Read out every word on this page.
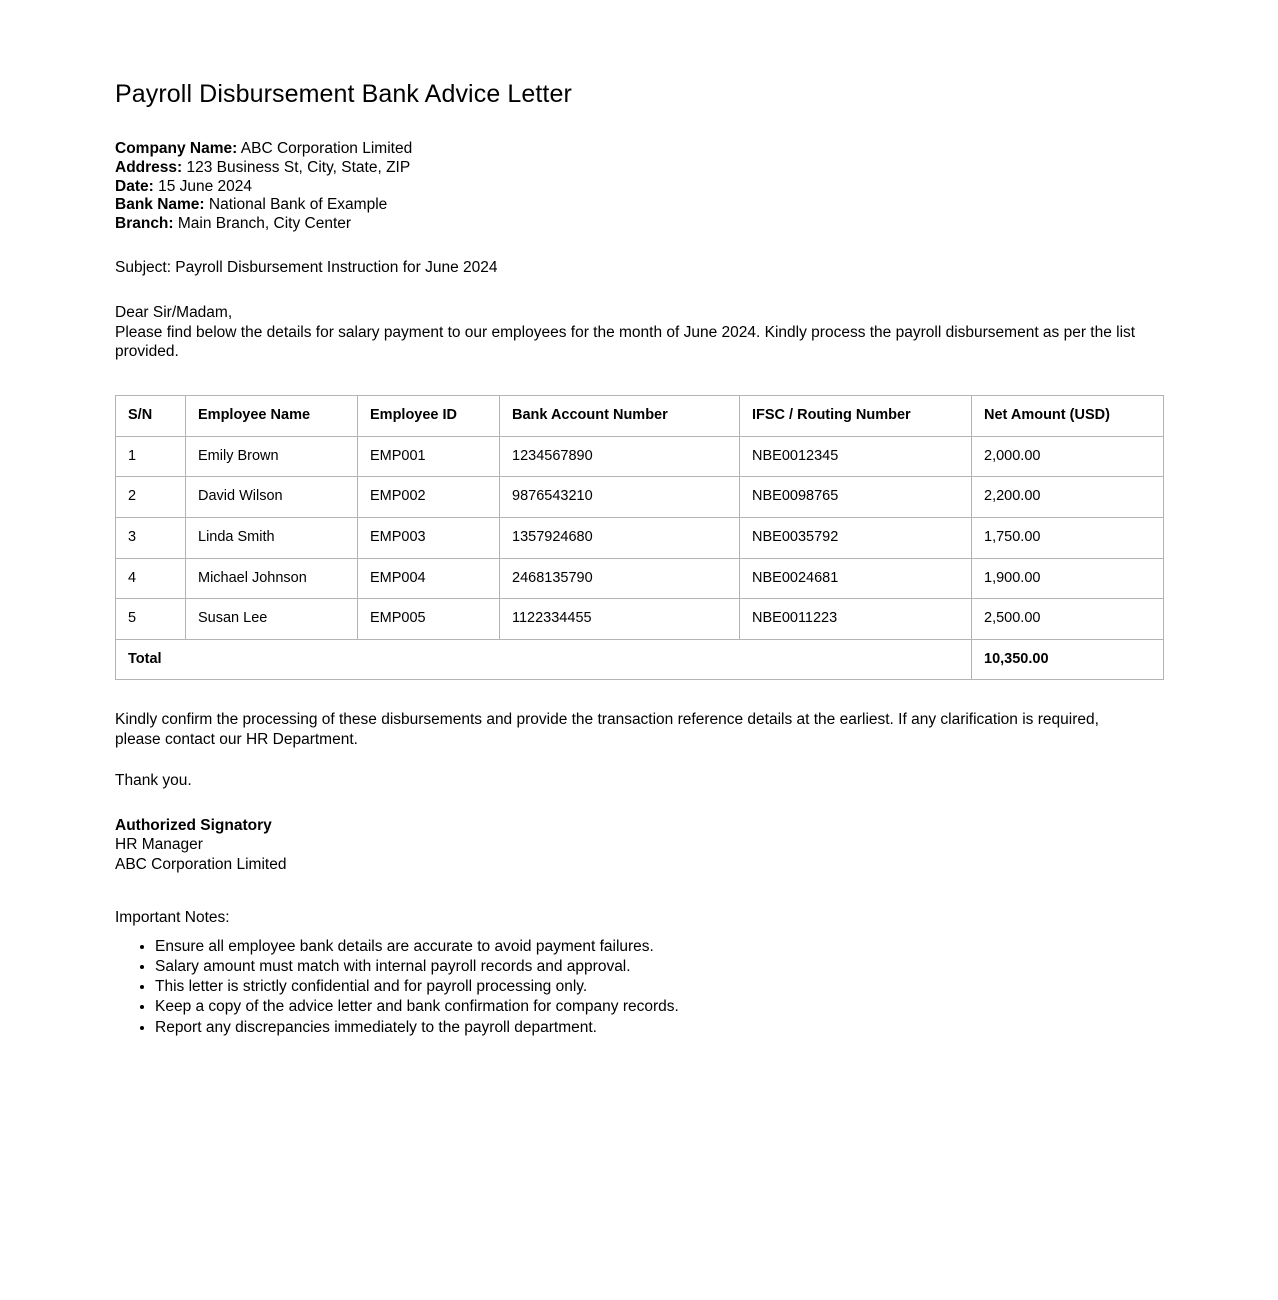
Payroll Disbursement Bank Advice Letter

Company Name: ABC Corporation Limited

Address: 123 Business St, City, State, ZIP

Date: 15 June 2024

Bank Name: National Bank of Example

Branch: Main Branch, City Center

Subject: Payroll Disbursement Instruction for June 2024

Dear Sir/Madam,

Please find below the details for salary payment to our employees for the month of June 2024. Kindly process the payroll disbursement as per the list provided.

S/N	Employee Name	Employee ID	Bank Account Number	IFSC / Routing Number	Net Amount (USD)
1	Emily Brown	EMP001	1234567890	NBE0012345	2,000.00
2	David Wilson	EMP002	9876543210	NBE0098765	2,200.00
3	Linda Smith	EMP003	1357924680	NBE0035792	1,750.00
4	Michael Johnson	EMP004	2468135790	NBE0024681	1,900.00
5	Susan Lee	EMP005	1122334455	NBE0011223	2,500.00
Total					10,350.00

Kindly confirm the processing of these disbursements and provide the transaction reference details at the earliest. If any clarification is required, please contact our HR Department.

Thank you.

Authorized Signatory
HR Manager
ABC Corporation Limited

Important Notes:

• Ensure all employee bank details are accurate to avoid payment failures.
• Salary amount must match with internal payroll records and approval.
• This letter is strictly confidential and for payroll processing only.
• Keep a copy of the advice letter and bank confirmation for company records.
• Report any discrepancies immediately to the payroll department.
